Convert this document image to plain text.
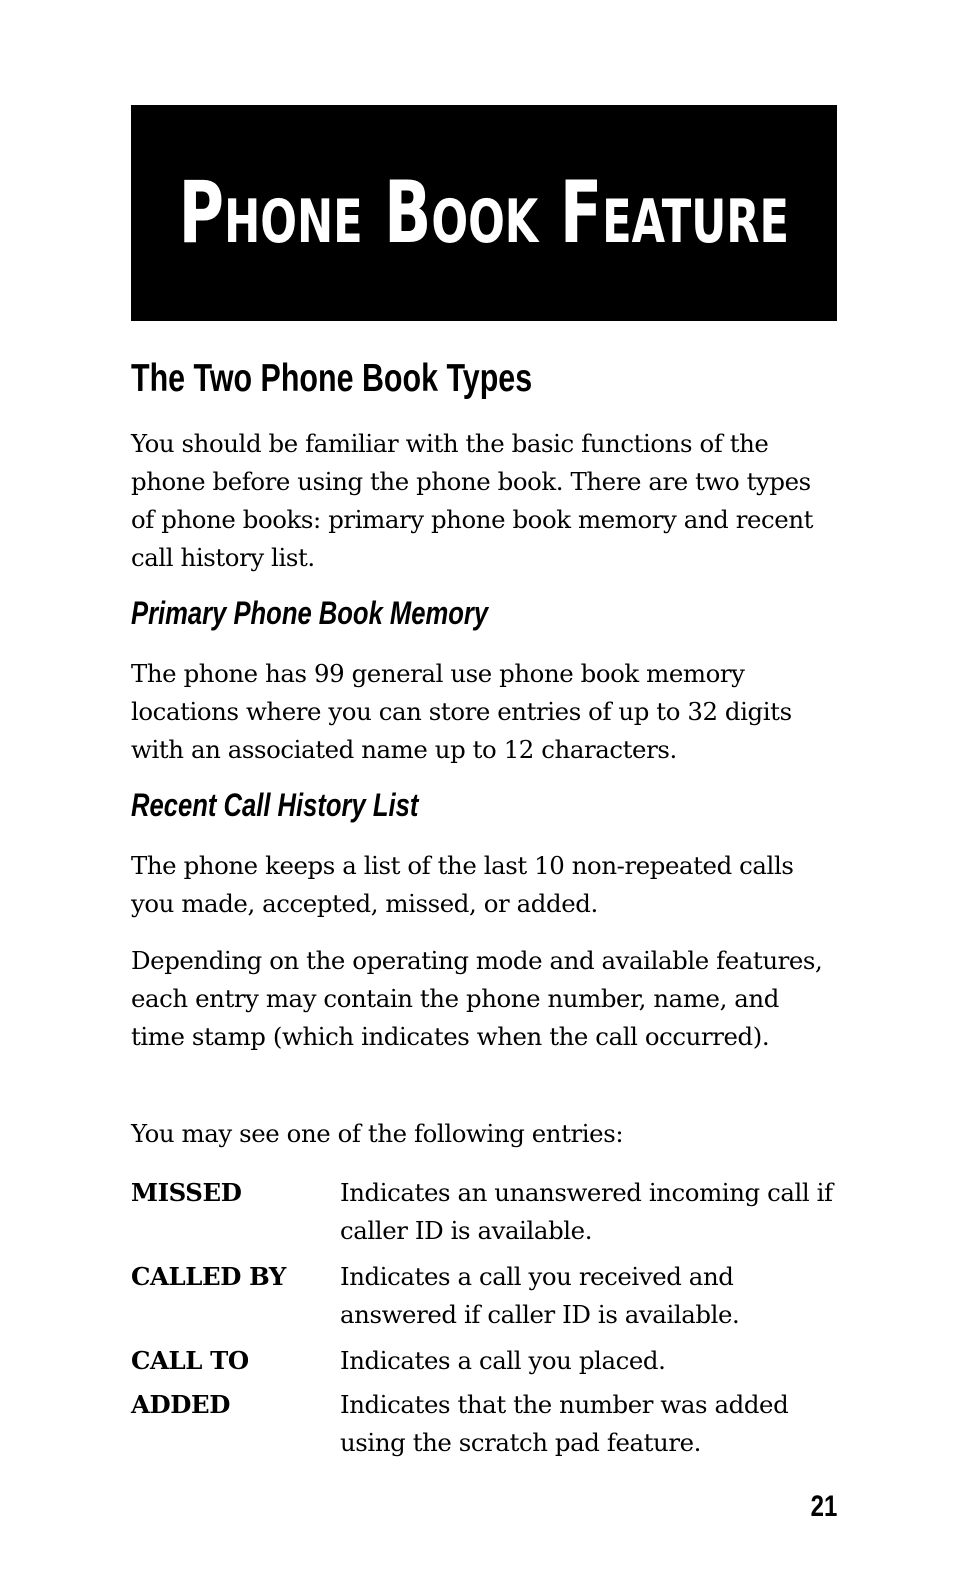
Phone Book Feature
The Two Phone Book Types

You should be familiar with the basic functions of the phone before using the phone book. There are two types of phone books: primary phone book memory and recent call history list.

Primary Phone Book Memory

The phone has 99 general use phone book memory locations where you can store entries of up to 32 digits with an associated name up to 12 characters.

Recent Call History List

The phone keeps a list of the last 10 non-repeated calls you made, accepted, missed, or added.

Depending on the operating mode and available features, each entry may contain the phone number, name, and time stamp (which indicates when the call occurred).

You may see one of the following entries:

MISSED	Indicates an unanswered incoming call if caller ID is available.
CALLED BY	Indicates a call you received and answered if caller ID is available.
CALL TO	Indicates a call you placed.
ADDED	Indicates that the number was added using the scratch pad feature.

21
